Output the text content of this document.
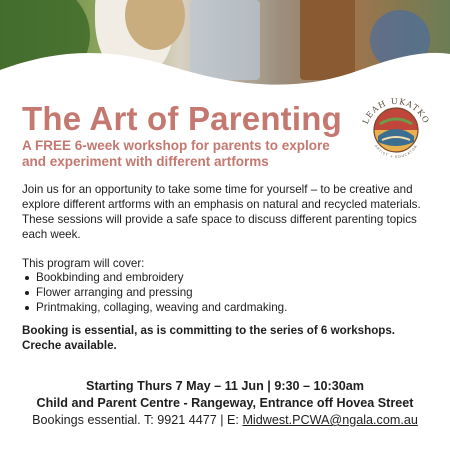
The Art of Parenting

A FREE 6-week workshop for parents to explore and experiment with different artforms

LEAH UKATKO
ARTIST + EDUCATOR

Join us for an opportunity to take some time for yourself – to be creative and explore different artforms with an emphasis on natural and recycled materials. These sessions will provide a safe space to discuss different parenting topics each week.

This program will cover:

Bookbinding and embroidery
Flower arranging and pressing
Printmaking, collaging, weaving and cardmaking.

Booking is essential, as is committing to the series of 6 workshops. Creche available.

Starting Thurs 7 May – 11 Jun | 9:30 – 10:30am

Child and Parent Centre - Rangeway, Entrance off Hovea Street

Bookings essential. T: 9921 4477 | E: Midwest.PCWA@ngala.com.au
